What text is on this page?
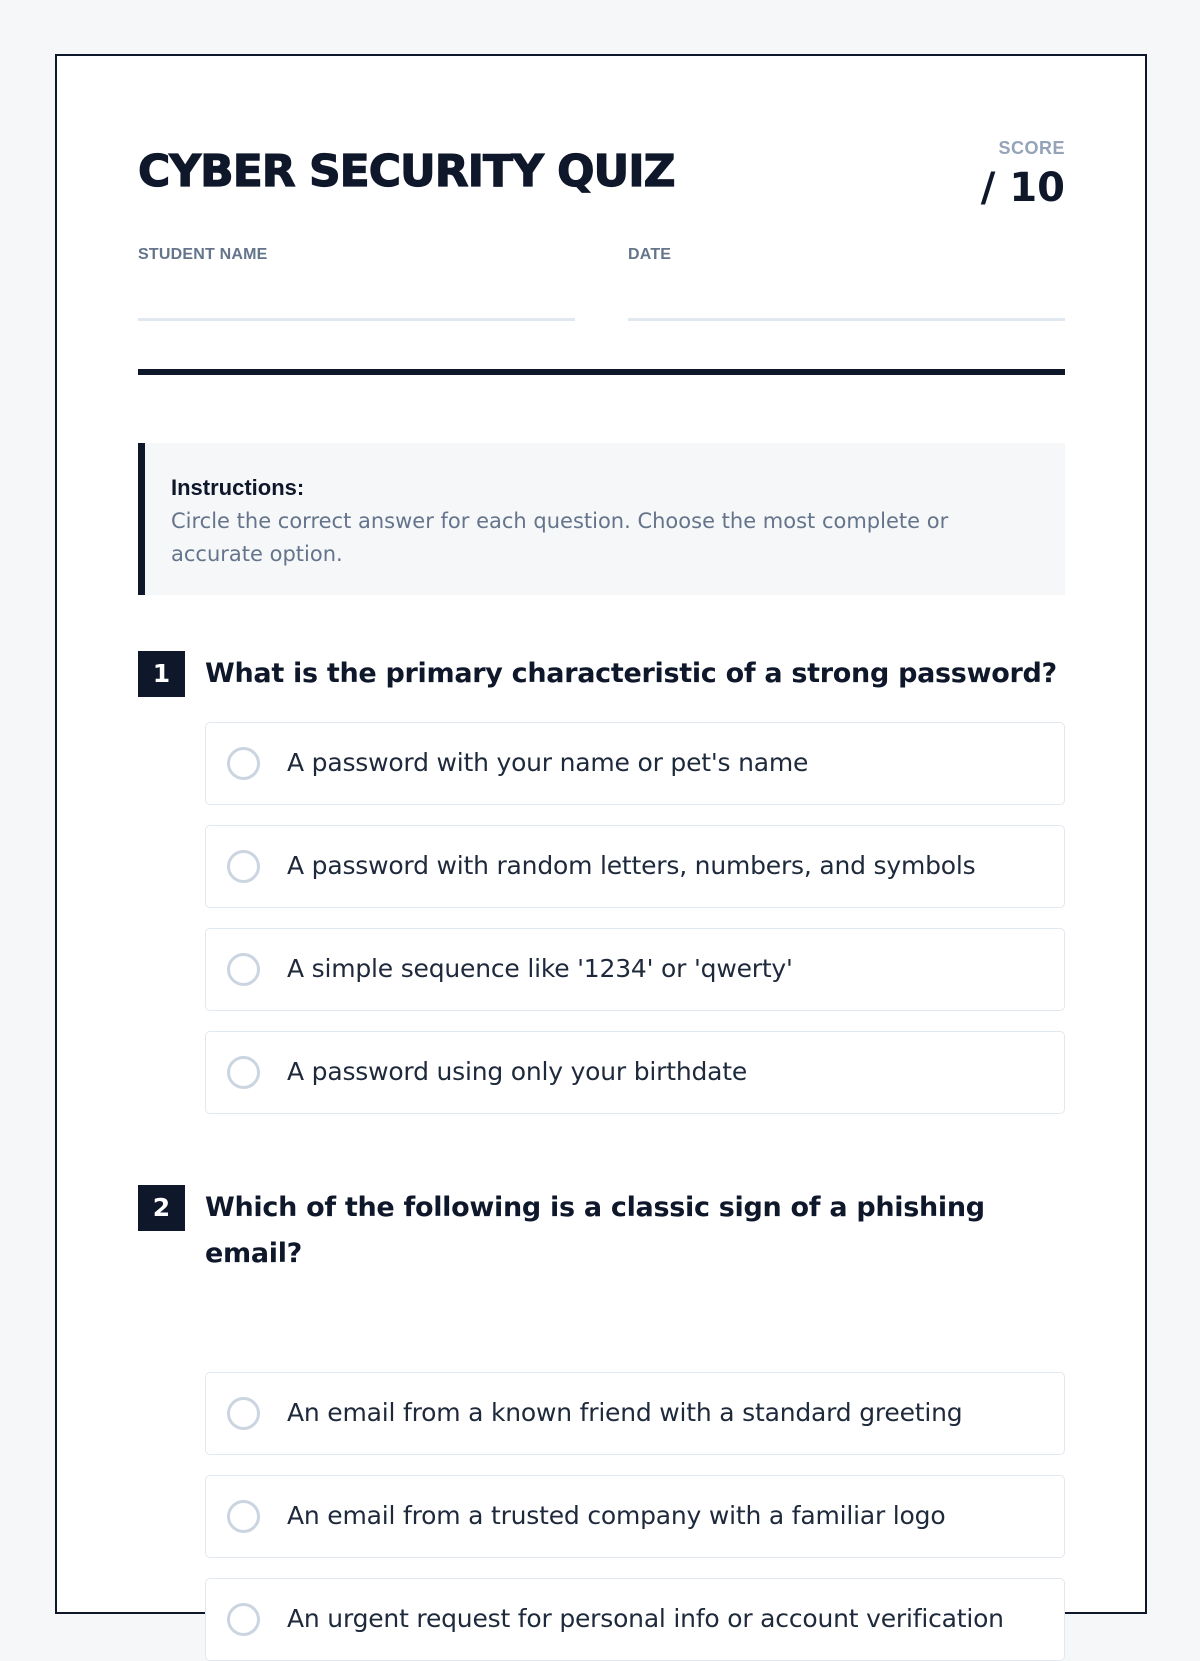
CYBER SECURITY QUIZ	SCORE
/ 10
STUDENT NAME	DATE
Instructions:
Circle the correct answer for each question. Choose the most complete or accurate option.
1	What is the primary characteristic of a strong password?
A password with your name or pet's name
A password with random letters, numbers, and symbols
A simple sequence like '1234' or 'qwerty'
A password using only your birthdate
2	Which of the following is a classic sign of a phishing email?
An email from a known friend with a standard greeting
An email from a trusted company with a familiar logo
An urgent request for personal info or account verification
